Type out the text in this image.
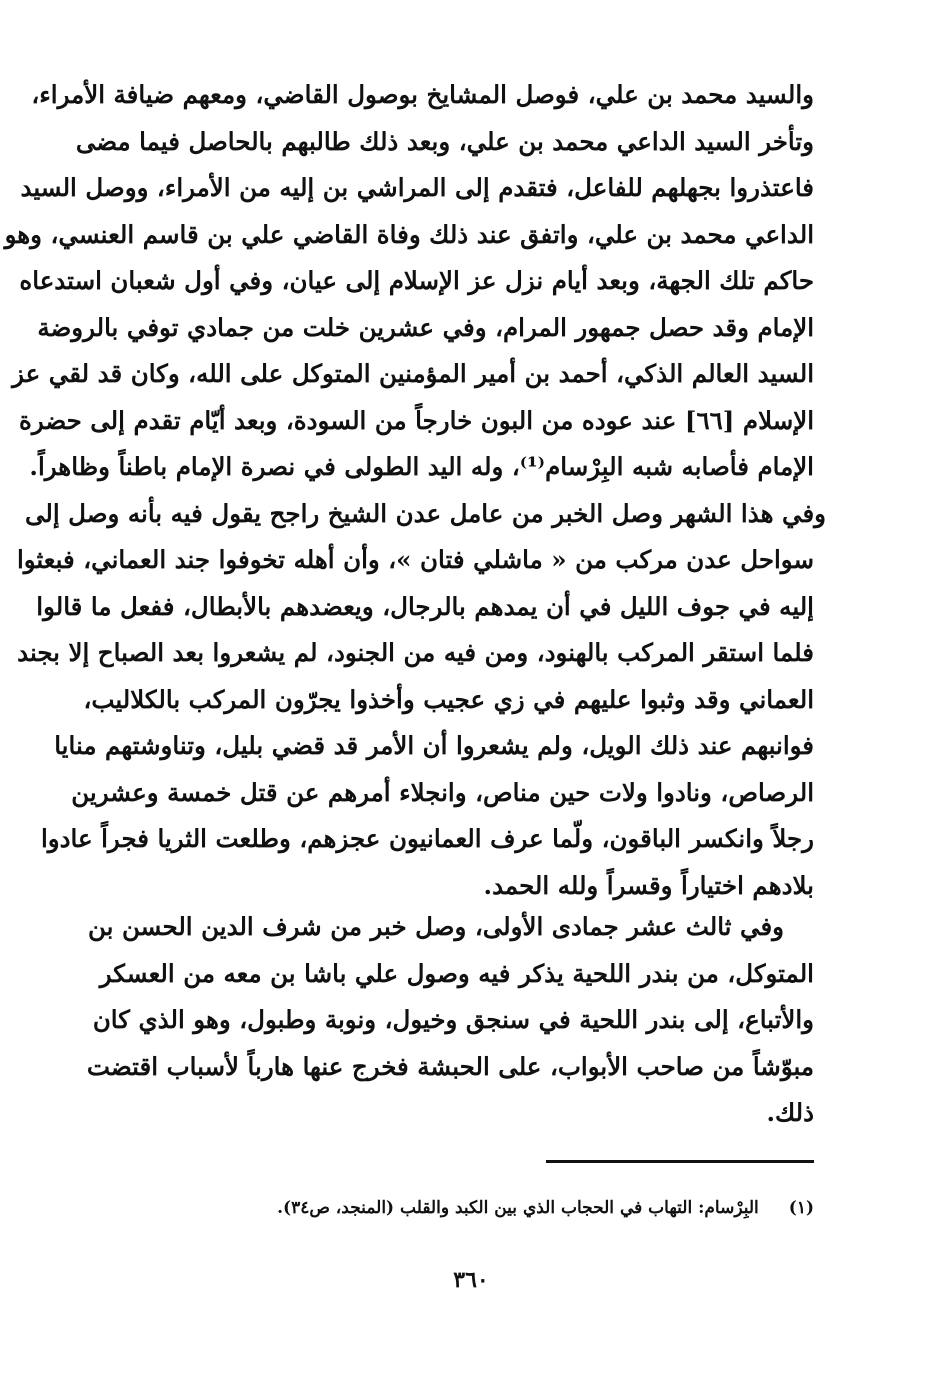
والسيد محمد بن علي، فوصل المشايخ بوصول القاضي، ومعهم ضيافة الأمراء،
وتأخر السيد الداعي محمد بن علي، وبعد ذلك طالبهم بالحاصل فيما مضى
فاعتذروا بجهلهم للفاعل، فتقدم إلى المراشي بن إليه من الأمراء، ووصل السيد
الداعي محمد بن علي، واتفق عند ذلك وفاة القاضي علي بن قاسم العنسي، وهو
حاكم تلك الجهة، وبعد أيام نزل عز الإسلام إلى عيان، وفي أول شعبان استدعاه
الإمام وقد حصل جمهور المرام، وفي عشرين خلت من جمادي توفي بالروضة
السيد العالم الذكي، أحمد بن أمير المؤمنين المتوكل على الله، وكان قد لقي عز
الإسلام [٦٦] عند عوده من البون خارجاً من السودة، وبعد أيّام تقدم إلى حضرة
الإمام فأصابه شبه البِرْسام⁽¹⁾، وله اليد الطولى في نصرة الإمام باطناً وظاهراً.
وفي هذا الشهر وصل الخبر من عامل عدن الشيخ راجح يقول فيه بأنه وصل إلى
سواحل عدن مركب من « ماشلي فتان »، وأن أهله تخوفوا جند العماني، فبعثوا
إليه في جوف الليل في أن يمدهم بالرجال، ويعضدهم بالأبطال، ففعل ما قالوا
فلما استقر المركب بالهنود، ومن فيه من الجنود، لم يشعروا بعد الصباح إلا بجند
العماني وقد وثبوا عليهم في زي عجيب وأخذوا يجرّون المركب بالكلاليب،
فوانبهم عند ذلك الويل، ولم يشعروا أن الأمر قد قضي بليل، وتناوشتهم منايا
الرصاص، ونادوا ولات حين مناص، وانجلاء أمرهم عن قتل خمسة وعشرين
رجلاً وانكسر الباقون، ولّما عرف العمانيون عجزهم، وطلعت الثريا فجراً عادوا
بلادهم اختياراً وقسراً ولله الحمد.
وفي ثالث عشر جمادى الأولى، وصل خبر من شرف الدين الحسن بن
المتوكل، من بندر اللحية يذكر فيه وصول علي باشا بن معه من العسكر
والأتباع، إلى بندر اللحية في سنجق وخيول، ونوبة وطبول، وهو الذي كان
مبوّشاً من صاحب الأبواب، على الحبشة فخرج عنها هارباً لأسباب اقتضت
ذلك.
(١)البِرْسام: التهاب في الحجاب الذي بين الكبد والقلب (المنجد، ص٣٤).
٣٦٠
